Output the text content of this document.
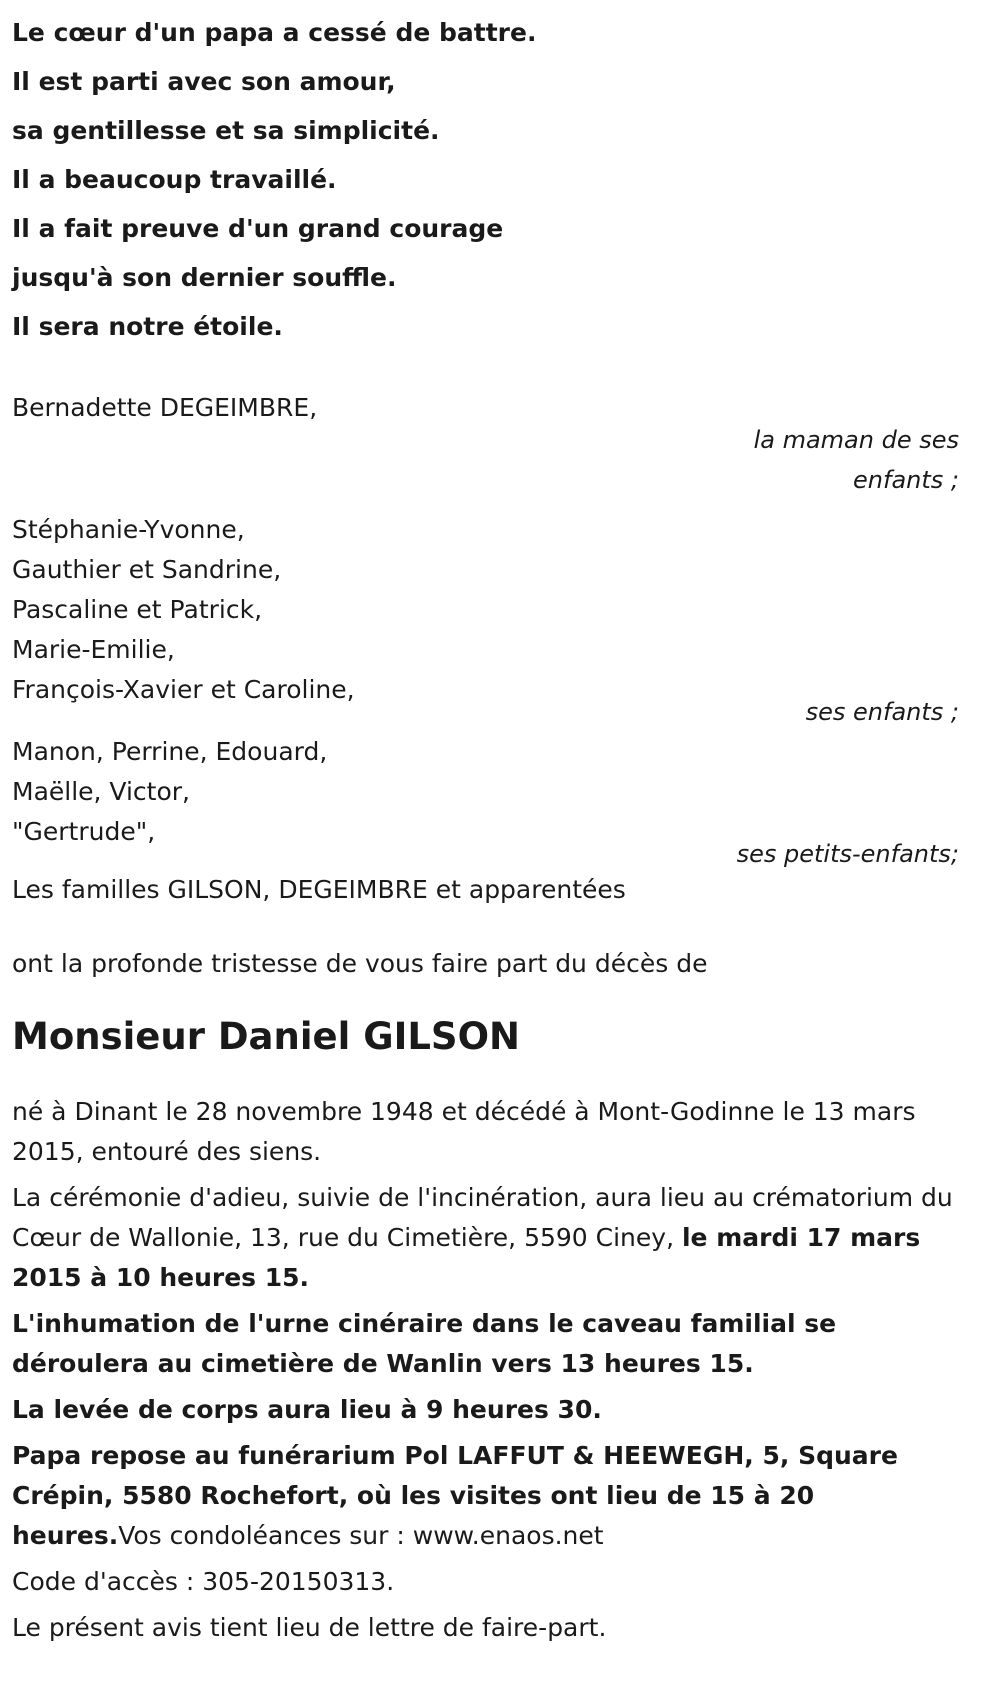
Le cœur d'un papa a cessé de battre.

Il est parti avec son amour,

sa gentillesse et sa simplicité.

Il a beaucoup travaillé.

Il a fait preuve d'un grand courage

jusqu'à son dernier souffle.

Il sera notre étoile.

Bernadette DEGEIMBRE,

la maman de ses enfants ;

Stéphanie-Yvonne,

Gauthier et Sandrine,

Pascaline et Patrick,

Marie-Emilie,

François-Xavier et Caroline,

ses enfants ;

Manon, Perrine, Edouard,

Maëlle, Victor,

"Gertrude",

ses petits-enfants;

Les familles GILSON, DEGEIMBRE et apparentées

ont la profonde tristesse de vous faire part du décès de

Monsieur Daniel GILSON

né à Dinant le 28 novembre 1948 et décédé à Mont-Godinne le 13 mars 2015, entouré des siens.

La cérémonie d'adieu, suivie de l'incinération, aura lieu au crématorium du Cœur de Wallonie, 13, rue du Cimetière, 5590 Ciney, le mardi 17 mars 2015 à 10 heures 15.

L'inhumation de l'urne cinéraire dans le caveau familial se déroulera au cimetière de Wanlin vers 13 heures 15.

La levée de corps aura lieu à 9 heures 30.

Papa repose au funérarium Pol LAFFUT & HEEWEGH, 5, Square Crépin, 5580 Rochefort, où les visites ont lieu de 15 à 20 heures.Vos condoléances sur : www.enaos.net

Code d'accès : 305-20150313.

Le présent avis tient lieu de lettre de faire-part.
